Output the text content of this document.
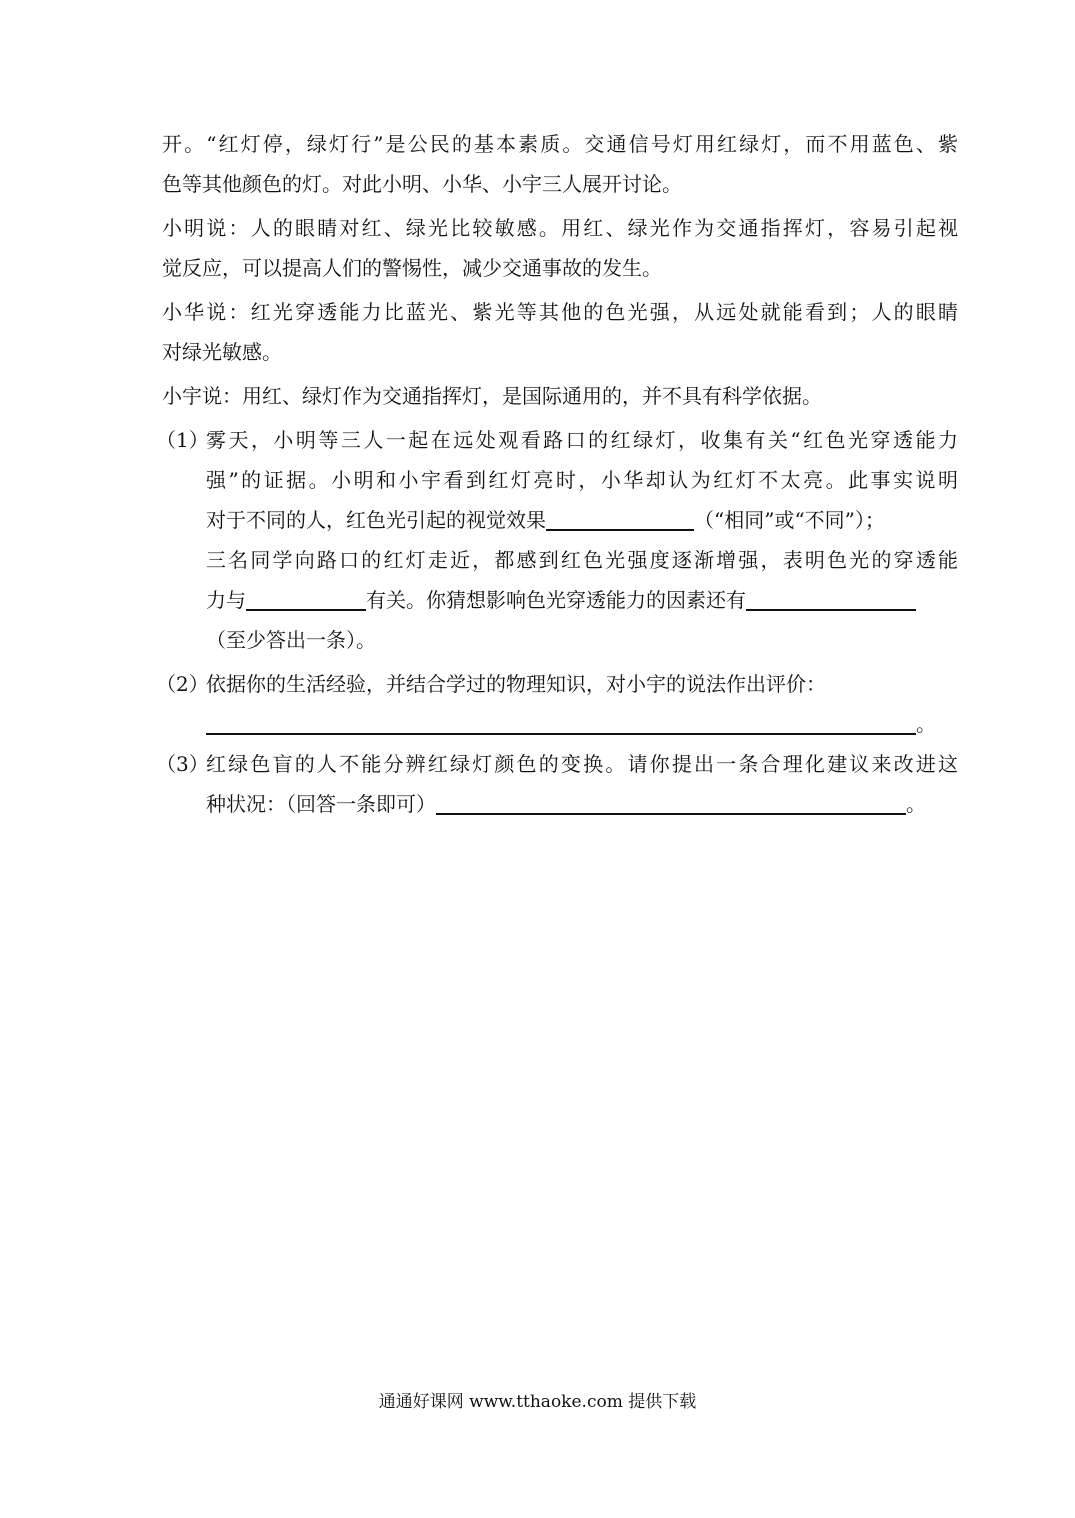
开。“红灯停，绿灯行”是公民的基本素质。交通信号灯用红绿灯，而不用蓝色、紫
色等其他颜色的灯。对此小明、小华、小宇三人展开讨论。
小明说：人的眼睛对红、绿光比较敏感。用红、绿光作为交通指挥灯，容易引起视
觉反应，可以提高人们的警惕性，减少交通事故的发生。
小华说：红光穿透能力比蓝光、紫光等其他的色光强，从远处就能看到；人的眼睛
对绿光敏感。
小宇说：用红、绿灯作为交通指挥灯，是国际通用的，并不具有科学依据。
（1）
雾天，小明等三人一起在远处观看路口的红绿灯，收集有关“红色光穿透能力
强”的证据。小明和小宇看到红灯亮时，小华却认为红灯不太亮。此事实说明
对于不同的人，红色光引起的视觉效果	（“相同”或“不同”）；
三名同学向路口的红灯走近，都感到红色光强度逐渐增强，表明色光的穿透能
力与	有关。你猜想影响色光穿透能力的因素还有
（至少答出一条）。
（2）
依据你的生活经验，并结合学过的物理知识，对小宇的说法作出评价：
。
（3）
红绿色盲的人不能分辨红绿灯颜色的变换。请你提出一条合理化建议来改进这
种状况：（回答一条即可）	。
通通好课网 www.tthaoke.com 提供下载
